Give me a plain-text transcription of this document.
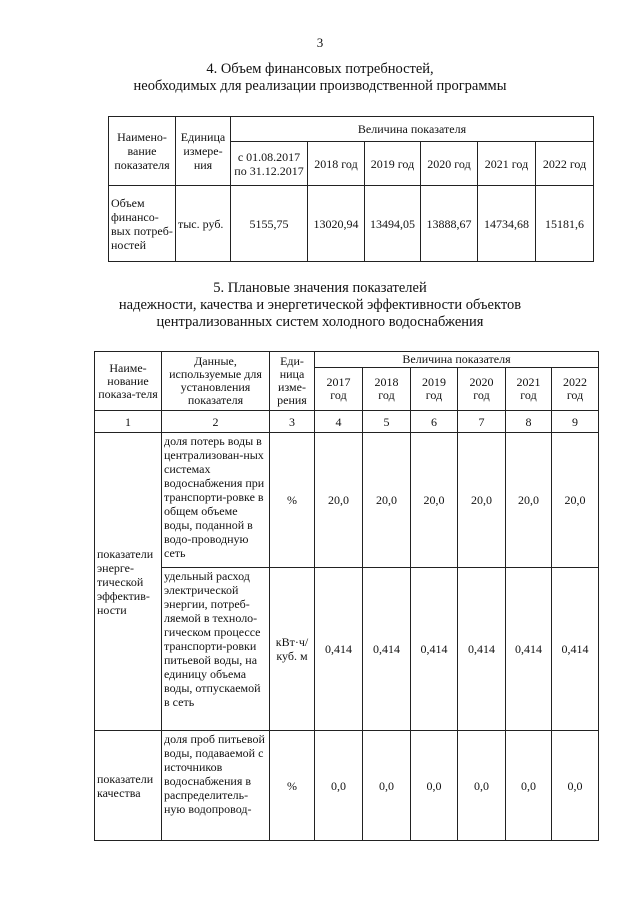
3
4. Объем финансовых потребностей,
необходимых для реализации производственной программы
Наимено-вание показателя	Единица измере-ния	Величина показателя					
		с 01.08.2017 по 31.12.2017	2018 год	2019 год	2020 год	2021 год	2022 год
Объем финансо-вых потреб-ностей	тыс. руб.	5155,75	13020,94	13494,05	13888,67	14734,68	15181,6
5. Плановые значения показателей
надежности, качества и энергетической эффективности объектов
централизованных систем холодного водоснабжения
Наиме-нование показа-теля	Данные, используемые для установления показателя	Еди-ница изме-рения	Величина показателя					
			2017 год	2018 год	2019 год	2020 год	2021 год	2022 год
1	2	3	4	5	6	7	8	9
показатели энерге-тической эффектив-ности	доля потерь воды в централизован-ных системах водоснабжения при транспорти-ровке в общем объеме воды, поданной в водо-проводную сеть	%	20,0	20,0	20,0	20,0	20,0	20,0
	удельный расход электрической энергии, потреб-ляемой в техноло-гическом процессе транспорти-ровки питьевой воды, на единицу объема воды, отпускаемой в сеть	кВт·ч/ куб. м	0,414	0,414	0,414	0,414	0,414	0,414
показатели качества	доля проб питьевой воды, подаваемой с источников водоснабжения в распределитель-ную водопровод-	%	0,0	0,0	0,0	0,0	0,0	0,0
